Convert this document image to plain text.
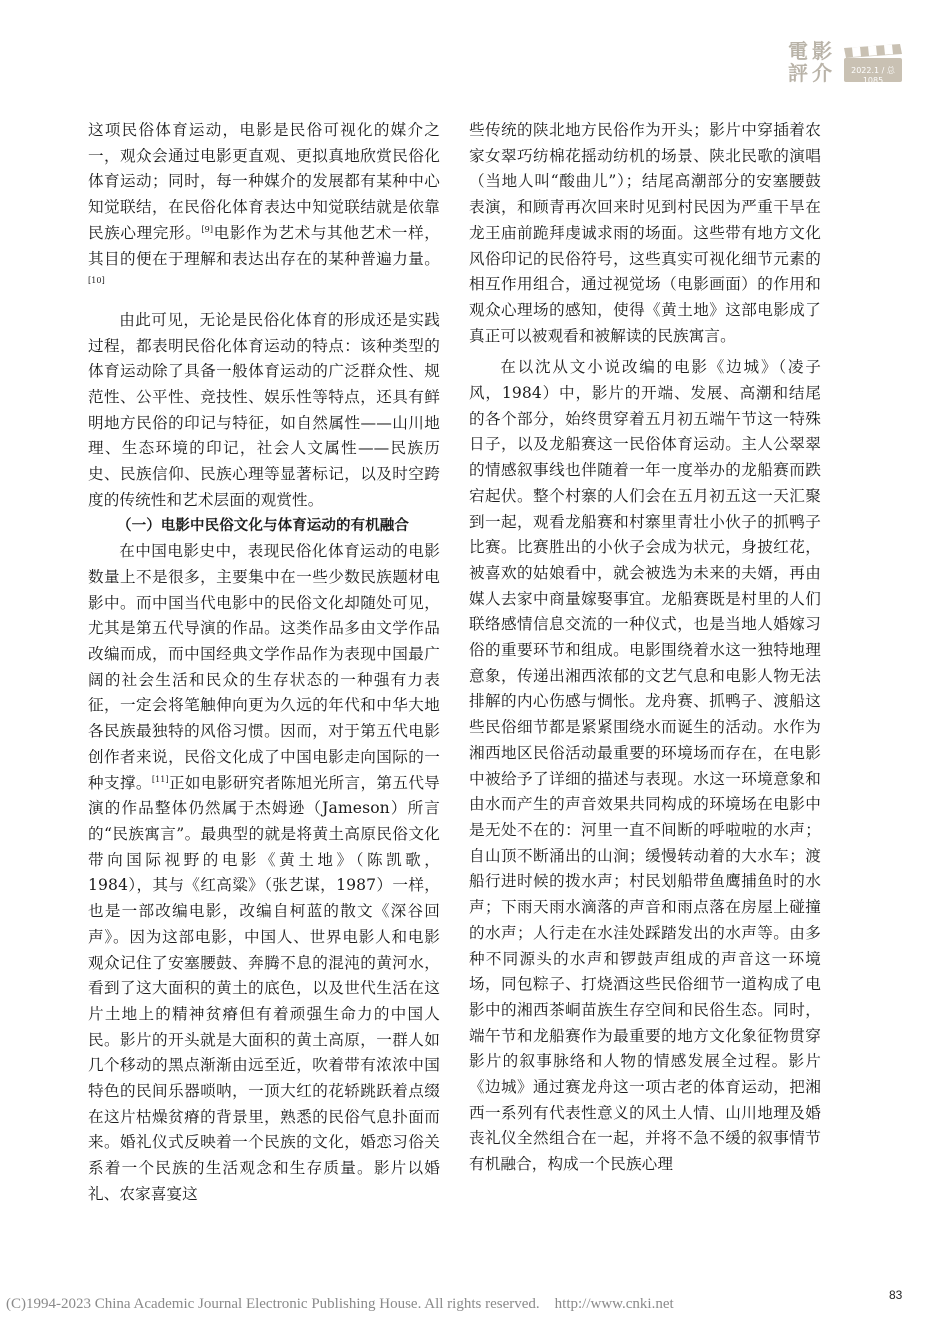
電 影
評 介	2022.1 / 总1085

这项民俗体育运动，电影是民俗可视化的媒介之一，观众会通过电影更直观、更拟真地欣赏民俗化体育运动；同时，每一种媒介的发展都有某种中心知觉联结，在民俗化体育表达中知觉联结就是依靠民族心理完形。[9]电影作为艺术与其他艺术一样，其目的便在于理解和表达出存在的某种普遍力量。[10]

由此可见，无论是民俗化体育的形成还是实践过程，都表明民俗化体育运动的特点：该种类型的体育运动除了具备一般体育运动的广泛群众性、规范性、公平性、竞技性、娱乐性等特点，还具有鲜明地方民俗的印记与特征，如自然属性——山川地理、生态环境的印记，社会人文属性——民族历史、民族信仰、民族心理等显著标记，以及时空跨度的传统性和艺术层面的观赏性。

（一）电影中民俗文化与体育运动的有机融合

在中国电影史中，表现民俗化体育运动的电影数量上不是很多，主要集中在一些少数民族题材电影中。而中国当代电影中的民俗文化却随处可见，尤其是第五代导演的作品。这类作品多由文学作品改编而成，而中国经典文学作品作为表现中国最广阔的社会生活和民众的生存状态的一种强有力表征，一定会将笔触伸向更为久远的年代和中华大地各民族最独特的风俗习惯。因而，对于第五代电影创作者来说，民俗文化成了中国电影走向国际的一种支撑。[11]正如电影研究者陈旭光所言，第五代导演的作品整体仍然属于杰姆逊（Jameson）所言的“民族寓言”。最典型的就是将黄土高原民俗文化带向国际视野的电影《黄土地》（陈凯歌，1984），其与《红高粱》（张艺谋，1987）一样，也是一部改编电影，改编自柯蓝的散文《深谷回声》。因为这部电影，中国人、世界电影人和电影观众记住了安塞腰鼓、奔腾不息的混沌的黄河水，看到了这大面积的黄土的底色，以及世代生活在这片土地上的精神贫瘠但有着顽强生命力的中国人民。影片的开头就是大面积的黄土高原，一群人如几个移动的黑点渐渐由远至近，吹着带有浓浓中国特色的民间乐器唢呐，一顶大红的花轿跳跃着点缀在这片枯燥贫瘠的背景里，熟悉的民俗气息扑面而来。婚礼仪式反映着一个民族的文化，婚恋习俗关系着一个民族的生活观念和生存质量。影片以婚礼、农家喜宴这

些传统的陕北地方民俗作为开头；影片中穿插着农家女翠巧纺棉花摇动纺机的场景、陕北民歌的演唱（当地人叫“酸曲儿”）；结尾高潮部分的安塞腰鼓表演，和顾青再次回来时见到村民因为严重干旱在龙王庙前跪拜虔诚求雨的场面。这些带有地方文化风俗印记的民俗符号，这些真实可视化细节元素的相互作用组合，通过视觉场（电影画面）的作用和观众心理场的感知，使得《黄土地》这部电影成了真正可以被观看和被解读的民族寓言。

在以沈从文小说改编的电影《边城》（凌子风，1984）中，影片的开端、发展、高潮和结尾的各个部分，始终贯穿着五月初五端午节这一特殊日子，以及龙船赛这一民俗体育运动。主人公翠翠的情感叙事线也伴随着一年一度举办的龙船赛而跌宕起伏。整个村寨的人们会在五月初五这一天汇聚到一起，观看龙船赛和村寨里青壮小伙子的抓鸭子比赛。比赛胜出的小伙子会成为状元，身披红花，被喜欢的姑娘看中，就会被选为未来的夫婿，再由媒人去家中商量嫁娶事宜。龙船赛既是村里的人们联络感情信息交流的一种仪式，也是当地人婚嫁习俗的重要环节和组成。电影围绕着水这一独特地理意象，传递出湘西浓郁的文艺气息和电影人物无法排解的内心伤感与惆怅。龙舟赛、抓鸭子、渡船这些民俗细节都是紧紧围绕水而诞生的活动。水作为湘西地区民俗活动最重要的环境场而存在，在电影中被给予了详细的描述与表现。水这一环境意象和由水而产生的声音效果共同构成的环境场在电影中是无处不在的：河里一直不间断的呼啦啦的水声；自山顶不断涌出的山涧；缓慢转动着的大水车；渡船行进时候的拨水声；村民划船带鱼鹰捕鱼时的水声；下雨天雨水滴落的声音和雨点落在房屋上碰撞的水声；人行走在水洼处踩踏发出的水声等。由多种不同源头的水声和锣鼓声组成的声音这一环境场，同包粽子、打烧酒这些民俗细节一道构成了电影中的湘西茶峒苗族生存空间和民俗生态。同时，端午节和龙船赛作为最重要的地方文化象征物贯穿影片的叙事脉络和人物的情感发展全过程。影片《边城》通过赛龙舟这一项古老的体育运动，把湘西一系列有代表性意义的风土人情、山川地理及婚丧礼仪全然组合在一起，并将不急不缓的叙事情节有机融合，构成一个民族心理

(C)1994-2023 China Academic Journal Electronic Publishing House. All rights reserved.    http://www.cnki.net
83
